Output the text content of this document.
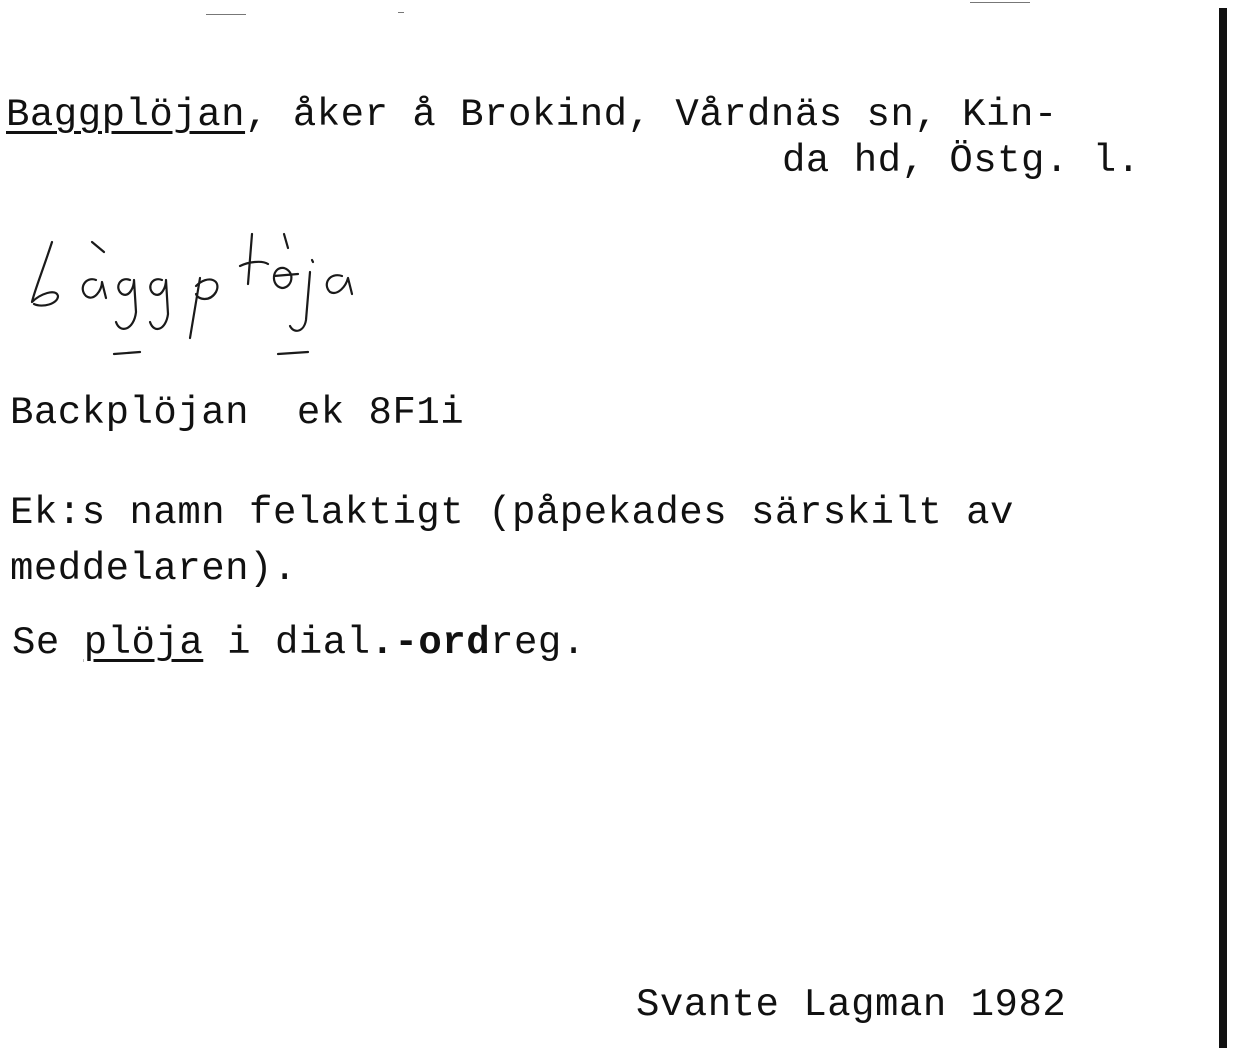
Baggplöjan, åker å Brokind, Vårdnäs sn, Kin-
da hd, Östg. l.
Backplöjan  ek 8F1i
Ek:s namn felaktigt (påpekades särskilt av
meddelaren).
Se plöja i dial.-ordreg.
Svante Lagman 1982
